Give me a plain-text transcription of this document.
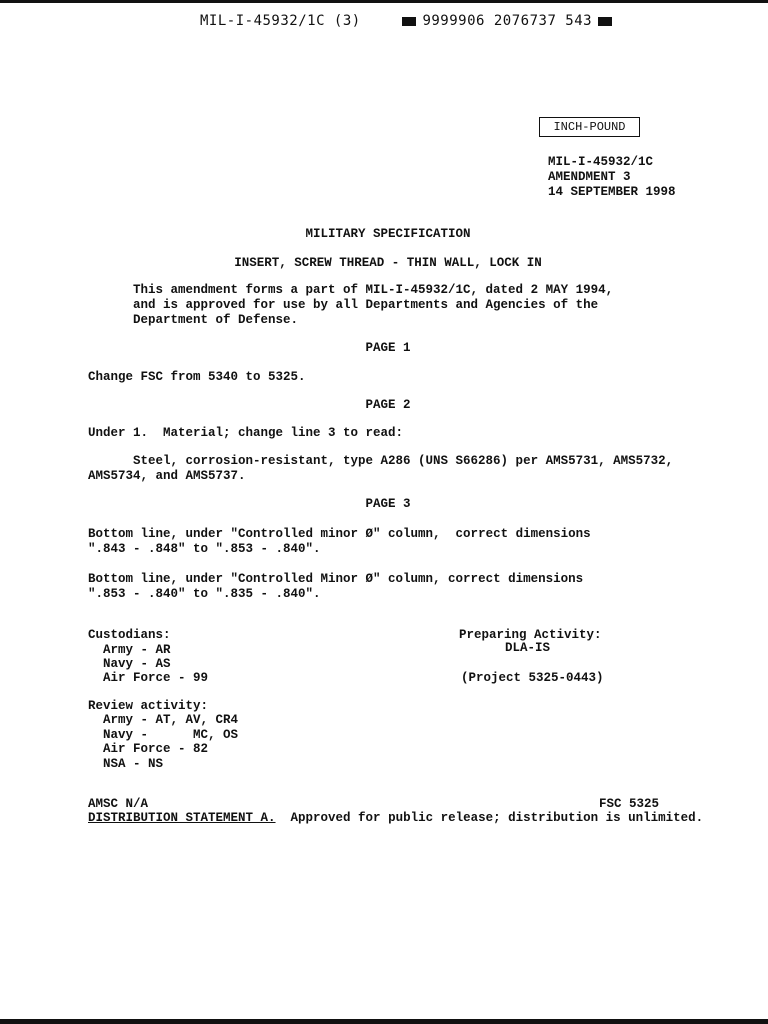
MIL-I-45932/1C (3)	9999906 2076737 543
INCH-POUND
MIL-I-45932/1C
AMENDMENT 3
14 SEPTEMBER 1998
MILITARY SPECIFICATION
INSERT, SCREW THREAD - THIN WALL, LOCK IN
This amendment forms a part of MIL-I-45932/1C, dated 2 MAY 1994,
and is approved for use by all Departments and Agencies of the
Department of Defense.
PAGE 1
Change FSC from 5340 to 5325.
PAGE 2
Under 1.  Material; change line 3 to read:
Steel, corrosion-resistant, type A286 (UNS S66286) per AMS5731, AMS5732,
AMS5734, and AMS5737.
PAGE 3
Bottom line, under "Controlled minor Ø" column,  correct dimensions
".843 - .848" to ".853 - .840".
Bottom line, under "Controlled Minor Ø" column, correct dimensions
".853 - .840" to ".835 - .840".
Custodians:
Army - AR
Navy - AS
Air Force - 99
Preparing Activity:
DLA-IS
(Project 5325-0443)
Review activity:
Army - AT, AV, CR4
Navy -      MC, OS
Air Force - 82
NSA - NS
AMSC N/A	FSC 5325
DISTRIBUTION STATEMENT A. Approved for public release; distribution is unlimited.
